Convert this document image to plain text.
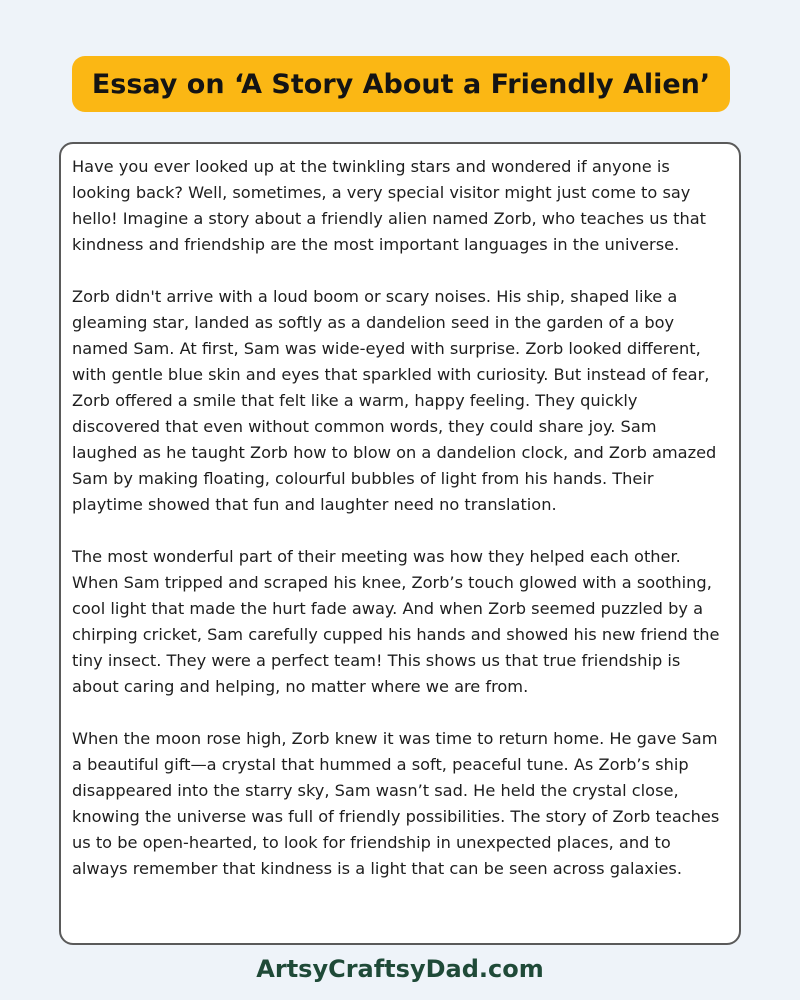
Essay on ‘A Story About a Friendly Alien’

Have you ever looked up at the twinkling stars and wondered if anyone is looking back? Well, sometimes, a very special visitor might just come to say hello! Imagine a story about a friendly alien named Zorb, who teaches us that kindness and friendship are the most important languages in the universe.

Zorb didn't arrive with a loud boom or scary noises. His ship, shaped like a gleaming star, landed as softly as a dandelion seed in the garden of a boy named Sam. At first, Sam was wide-eyed with surprise. Zorb looked different, with gentle blue skin and eyes that sparkled with curiosity. But instead of fear, Zorb offered a smile that felt like a warm, happy feeling. They quickly discovered that even without common words, they could share joy. Sam laughed as he taught Zorb how to blow on a dandelion clock, and Zorb amazed Sam by making floating, colourful bubbles of light from his hands. Their playtime showed that fun and laughter need no translation.

The most wonderful part of their meeting was how they helped each other. When Sam tripped and scraped his knee, Zorb’s touch glowed with a soothing, cool light that made the hurt fade away. And when Zorb seemed puzzled by a chirping cricket, Sam carefully cupped his hands and showed his new friend the tiny insect. They were a perfect team! This shows us that true friendship is about caring and helping, no matter where we are from.

When the moon rose high, Zorb knew it was time to return home. He gave Sam a beautiful gift—a crystal that hummed a soft, peaceful tune. As Zorb’s ship disappeared into the starry sky, Sam wasn’t sad. He held the crystal close, knowing the universe was full of friendly possibilities. The story of Zorb teaches us to be open-hearted, to look for friendship in unexpected places, and to always remember that kindness is a light that can be seen across galaxies.

ArtsyCraftsyDad.com
